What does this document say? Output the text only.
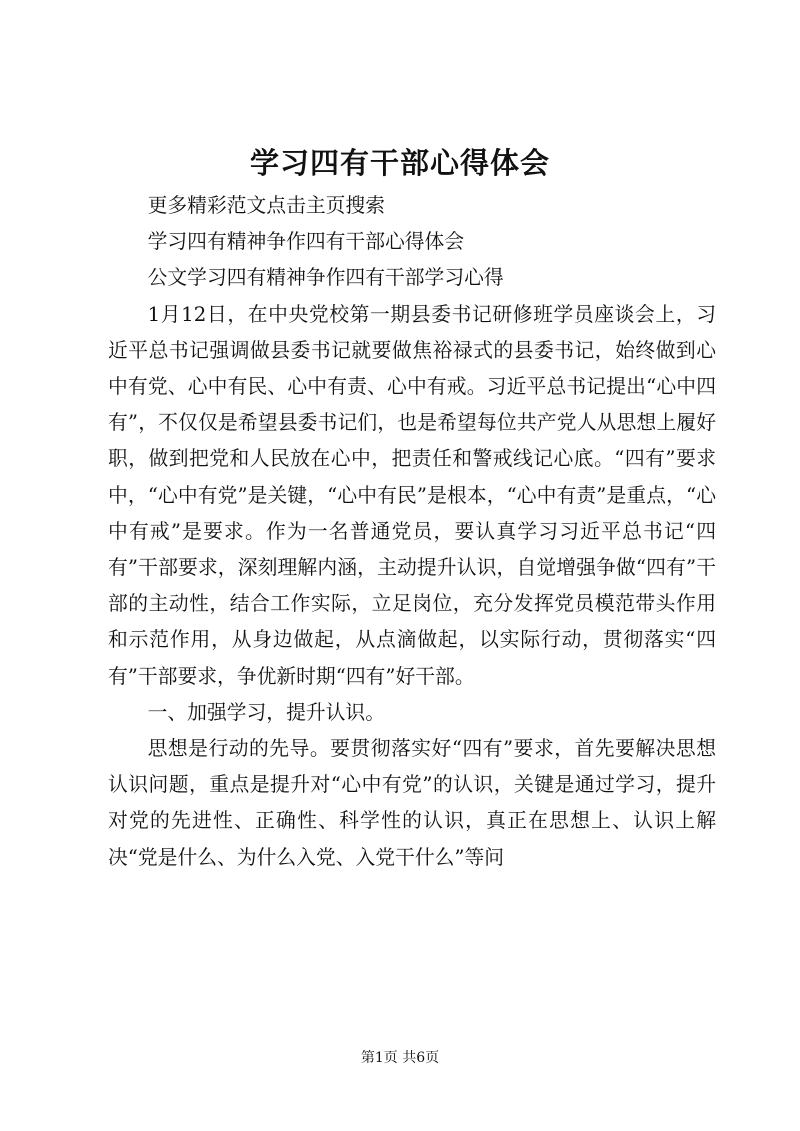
学习四有干部心得体会

更多精彩范文点击主页搜索

学习四有精神争作四有干部心得体会

公文学习四有精神争作四有干部学习心得

1月12日，在中央党校第一期县委书记研修班学员座谈会上，习近平总书记强调做县委书记就要做焦裕禄式的县委书记，始终做到心中有党、心中有民、心中有责、心中有戒。习近平总书记提出“心中四有”，不仅仅是希望县委书记们，也是希望每位共产党人从思想上履好职，做到把党和人民放在心中，把责任和警戒线记心底。“四有”要求中，“心中有党”是关键，“心中有民”是根本，“心中有责”是重点，“心中有戒”是要求。作为一名普通党员，要认真学习习近平总书记“四有”干部要求，深刻理解内涵，主动提升认识，自觉增强争做“四有”干部的主动性，结合工作实际，立足岗位，充分发挥党员模范带头作用和示范作用，从身边做起，从点滴做起，以实际行动，贯彻落实“四有”干部要求，争优新时期“四有”好干部。

一、加强学习，提升认识。

思想是行动的先导。要贯彻落实好“四有”要求，首先要解决思想认识问题，重点是提升对“心中有党”的认识，关键是通过学习，提升对党的先进性、正确性、科学性的认识，真正在思想上、认识上解决“党是什么、为什么入党、入党干什么”等问

第1页 共6页
